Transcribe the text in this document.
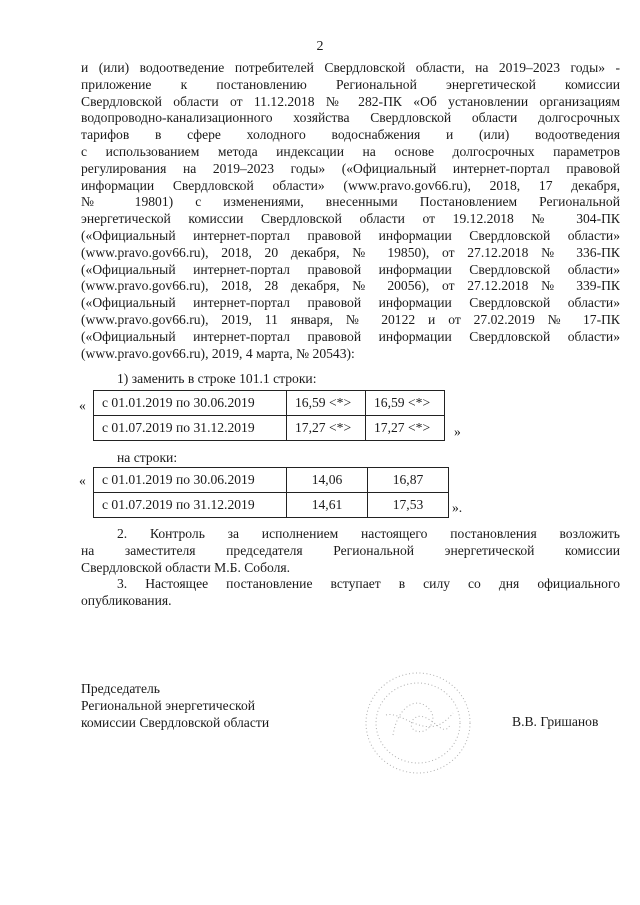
2
и (или) водоотведение потребителей Свердловской области, на 2019–2023 годы» -
приложение к постановлению Региональной энергетической комиссии
Свердловской области от 11.12.2018 № 282-ПК «Об установлении организациям
водопроводно-канализационного хозяйства Свердловской области долгосрочных
тарифов в сфере холодного водоснабжения и (или) водоотведения
с использованием метода индексации на основе долгосрочных параметров
регулирования на 2019–2023 годы» («Официальный интернет-портал правовой
информации Свердловской области» (www.pravo.gov66.ru), 2018, 17 декабря,
№ 19801) с изменениями, внесенными Постановлением Региональной
энергетической комиссии Свердловской области от 19.12.2018 № 304-ПК
(«Официальный интернет-портал правовой информации Свердловской области»
(www.pravo.gov66.ru), 2018, 20 декабря, № 19850), от 27.12.2018 № 336-ПК
(«Официальный интернет-портал правовой информации Свердловской области»
(www.pravo.gov66.ru), 2018, 28 декабря, № 20056), от 27.12.2018 № 339-ПК
(«Официальный интернет-портал правовой информации Свердловской области»
(www.pravo.gov66.ru), 2019, 11 января, № 20122 и от 27.02.2019 № 17-ПК
(«Официальный интернет-портал правовой информации Свердловской области»
(www.pravo.gov66.ru), 2019, 4 марта, № 20543):
1) заменить в строке 101.1 строки:
« с 01.01.2019 по 30.06.2019	16,59 <*>	16,59 <*>
с 01.07.2019 по 31.12.2019	17,27 <*>	17,27 <*> »
на строки:
« с 01.01.2019 по 30.06.2019	14,06	16,87
с 01.07.2019 по 31.12.2019	14,61	17,53 ».
2. Контроль за исполнением настоящего постановления возложить
на заместителя председателя Региональной энергетической комиссии
Свердловской области М.Б. Соболя.
3. Настоящее постановление вступает в силу со дня официального
опубликования.
Председатель
Региональной энергетической
комиссии Свердловской области	В.В. Гришанов
